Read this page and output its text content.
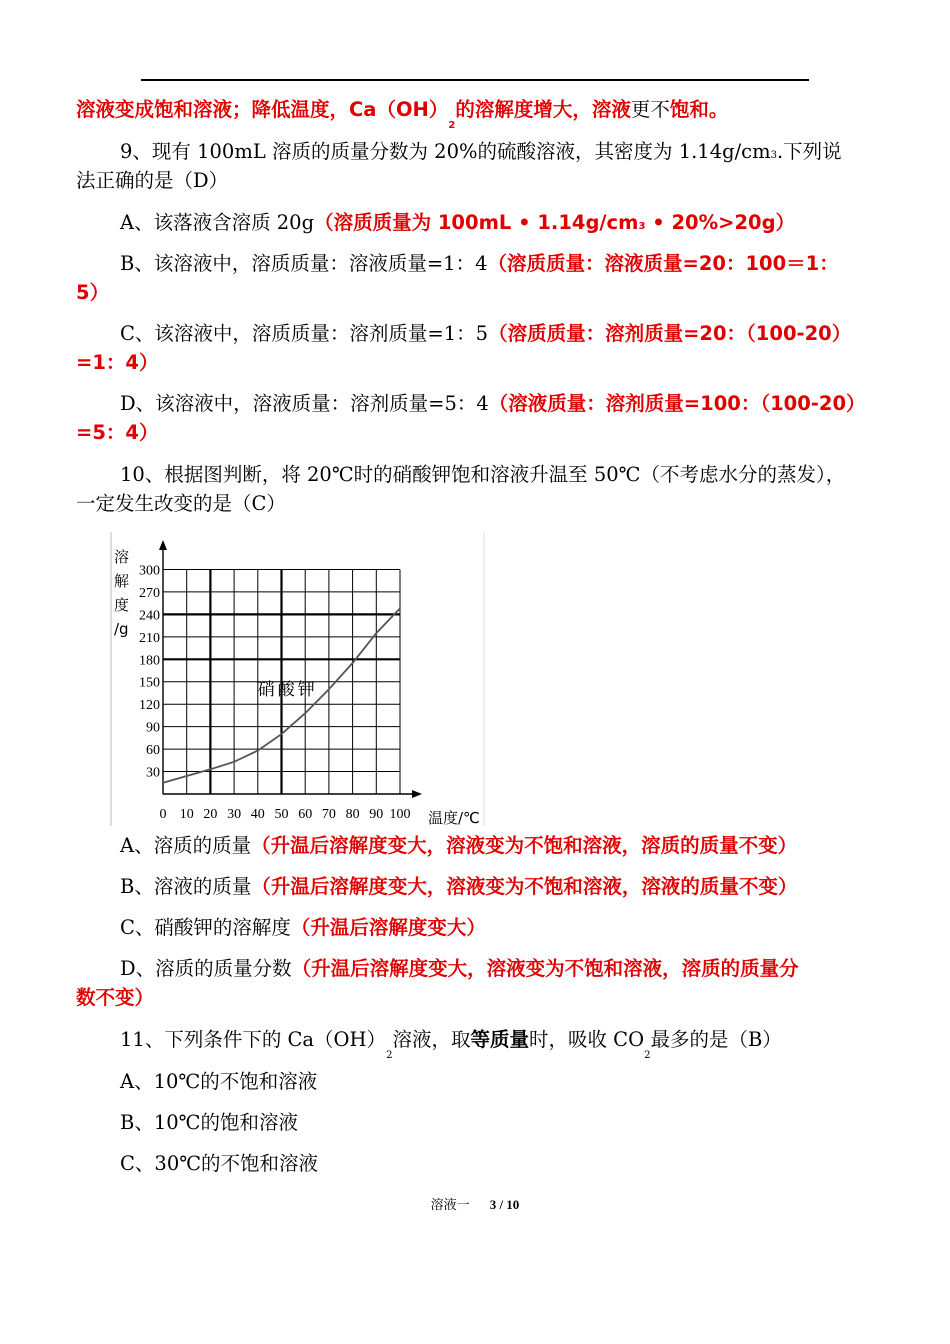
溶液变成饱和溶液；降低温度，$Ca(OH)_2$的溶解度增大，溶液更不饱和。
9、现有 100mL 溶质的质量分数为 20%的硫酸溶液，其密度为 1.14g/cm3.下列说
法正确的是（D）
A、该落液含溶质 20g（溶质质量为 100mL • 1.14g/cm3 • 20%>20g）
B、该溶液中，溶质质量：溶液质量=1：4（溶质质量：溶液质量=20：100＝1：
5）
C、该溶液中，溶质质量：溶剂质量=1：5（溶质质量：溶剂质量=20：（100-20）
=1：4）
D、该溶液中，溶液质量：溶剂质量=5：4（溶液质量：溶剂质量=100：（100-20）
=5：4）
10、根据图判断，将 20℃时的硝酸钾饱和溶液升温至 50℃（不考虑水分的蒸发），
一定发生改变的是（C）
30
60
90
120
150
180
210
240
270
300
0 10 20 30 40 50 60 70 80 90 100
溶
解
度
/g
温度/℃
硝酸钾
A、溶质的质量（升温后溶解度变大，溶液变为不饱和溶液，溶质的质量不变）
B、溶液的质量（升温后溶解度变大，溶液变为不饱和溶液，溶液的质量不变）
C、硝酸钾的溶解度（升温后溶解度变大）
D、溶质的质量分数（升温后溶解度变大，溶液变为不饱和溶液，溶质的质量分
数不变）
11、下列条件下的 $Ca(OH)_2$溶液，取等质量时，吸收 $CO_2$最多的是（B）
A、10℃的不饱和溶液
B、10℃的饱和溶液
C、30℃的不饱和溶液
溶液一 3 / 10
